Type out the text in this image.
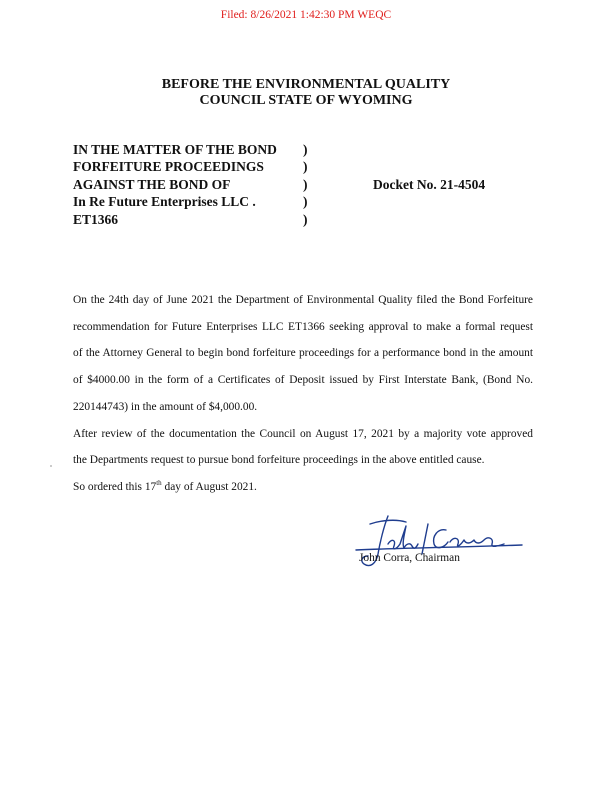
Filed: 8/26/2021 1:42:30 PM WEQC
BEFORE THE ENVIRONMENTAL QUALITY
COUNCIL STATE OF WYOMING
IN THE MATTER OF THE BOND
FORFEITURE PROCEEDINGS
AGAINST THE BOND OF
In Re Future Enterprises LLC .
ET1366
)
)
)
)
)
Docket No. 21-4504

On the 24th day of June 2021 the Department of Environmental Quality filed the Bond Forfeiture
recommendation for Future Enterprises LLC ET1366 seeking approval to make a formal request
of the Attorney General to begin bond forfeiture proceedings for a performance bond in the amount
of $4000.00 in the form of a Certificates of Deposit issued by First Interstate Bank, (Bond No.
220144743) in the amount of $4,000.00.

After review of the documentation the Council on August 17, 2021 by a majority vote approved
the Departments request to pursue bond forfeiture proceedings in the above entitled cause.

So ordered this 17th day of August 2021.

John Corra, Chairman
